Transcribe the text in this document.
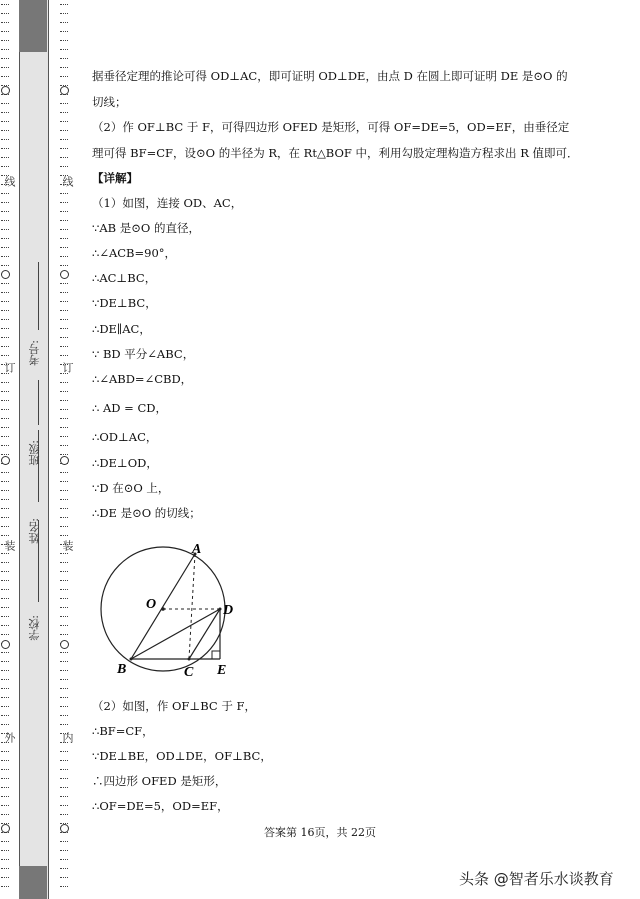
外
装
订
线
内
装
订
线
学校:
姓名:
班级:
考号:
据垂径定理的推论可得 OD⊥AC，即可证明 OD⊥DE，由点 D 在圆上即可证明 DE 是⊙O 的
切线；
（2）作 OF⊥BC 于 F，可得四边形 OFED 是矩形，可得 OF=DE=5，OD=EF，由垂径定
理可得 BF=CF，设⊙O 的半径为 R，在 Rt△BOF 中，利用勾股定理构造方程求出 R 值即可．
【详解】
（1）如图，连接 OD、AC，
∵AB 是⊙O 的直径，
∴∠ACB=90°，
∴AC⊥BC，
∵DE⊥BC，
∴DE∥AC，
∵ BD 平分∠ABC，
∴∠ABD=∠CBD，
∴ AD = CD，
∴OD⊥AC，
∴DE⊥OD，
∵D 在⊙O 上，
∴DE 是⊙O 的切线；
（2）如图，作 OF⊥BC 于 F，
∴BF=CF，
∵DE⊥BE，OD⊥DE，OF⊥BC，
∴四边形 OFED 是矩形，
∴OF=DE=5，OD=EF，
A
O	D
B	C E
答案第 16页，共 22页
头条 @智者乐水谈教育
